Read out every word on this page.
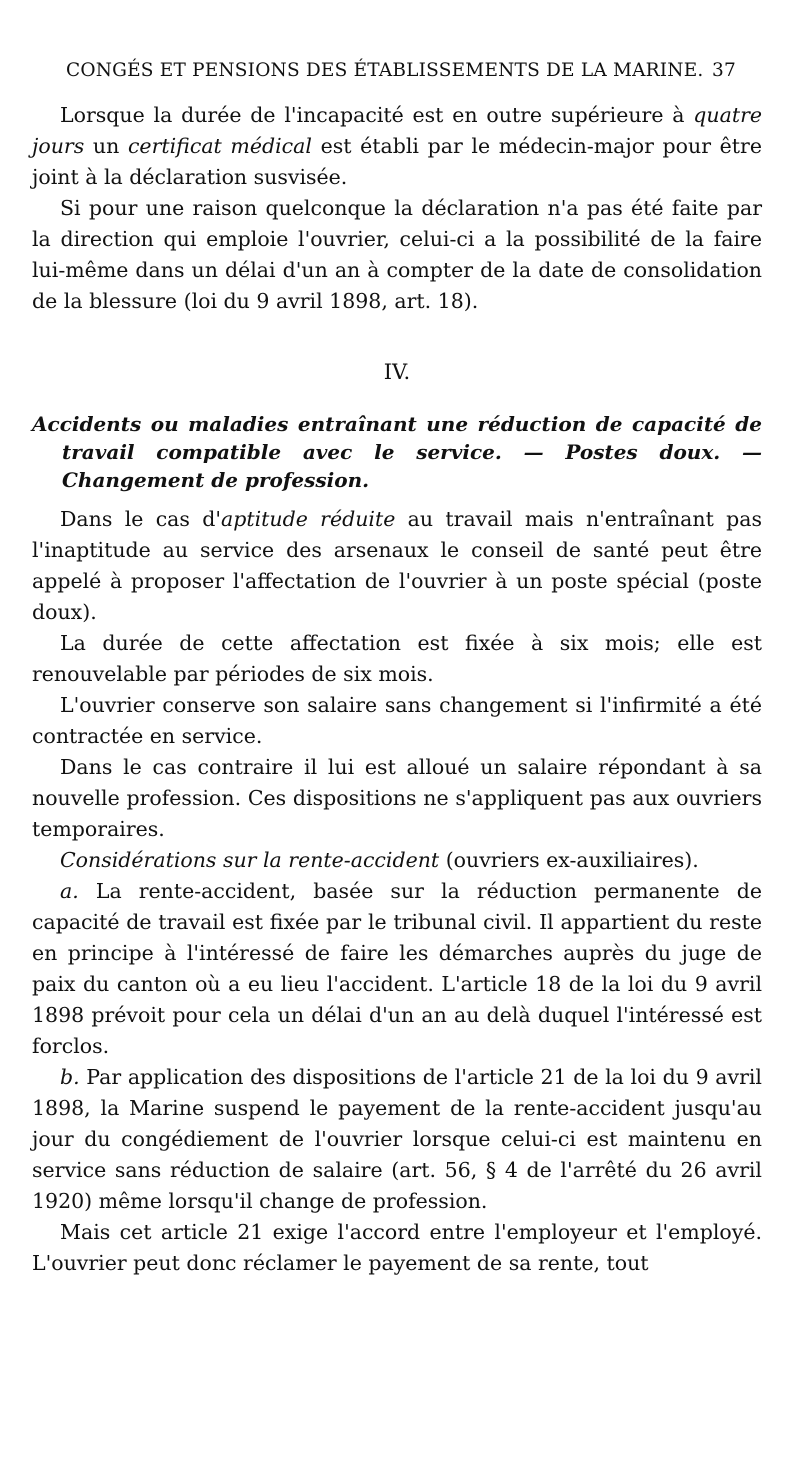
CONGÉS ET PENSIONS DES ÉTABLISSEMENTS DE LA MARINE. 37

Lorsque la durée de l'incapacité est en outre supérieure à quatre jours un certificat médical est établi par le médecin-major pour être joint à la déclaration susvisée.

Si pour une raison quelconque la déclaration n'a pas été faite par la direction qui emploie l'ouvrier, celui-ci a la possibilité de la faire lui-même dans un délai d'un an à compter de la date de consolidation de la blessure (loi du 9 avril 1898, art. 18).

IV.
Accidents ou maladies entraînant une réduction de capacité de travail compatible avec le service. — Postes doux. — Changement de profession.

Dans le cas d'aptitude réduite au travail mais n'entraînant pas l'inaptitude au service des arsenaux le conseil de santé peut être appelé à proposer l'affectation de l'ouvrier à un poste spécial (poste doux).

La durée de cette affectation est fixée à six mois; elle est renouvelable par périodes de six mois.

L'ouvrier conserve son salaire sans changement si l'infirmité a été contractée en service.

Dans le cas contraire il lui est alloué un salaire répondant à sa nouvelle profession. Ces dispositions ne s'appliquent pas aux ouvriers temporaires.

Considérations sur la rente-accident (ouvriers ex-auxiliaires).

a. La rente-accident, basée sur la réduction permanente de capacité de travail est fixée par le tribunal civil. Il appartient du reste en principe à l'intéressé de faire les démarches auprès du juge de paix du canton où a eu lieu l'accident. L'article 18 de la loi du 9 avril 1898 prévoit pour cela un délai d'un an au delà duquel l'intéressé est forclos.

b. Par application des dispositions de l'article 21 de la loi du 9 avril 1898, la Marine suspend le payement de la rente-accident jusqu'au jour du congédiement de l'ouvrier lorsque celui-ci est maintenu en service sans réduction de salaire (art. 56, § 4 de l'arrêté du 26 avril 1920) même lorsqu'il change de profession.

Mais cet article 21 exige l'accord entre l'employeur et l'employé. L'ouvrier peut donc réclamer le payement de sa rente, tout
